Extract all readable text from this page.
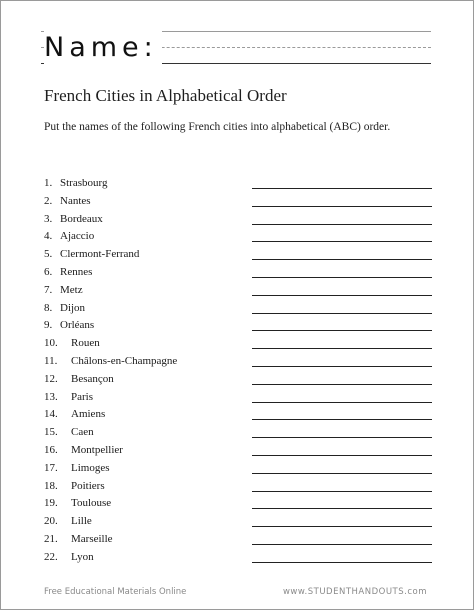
Name:
French Cities in Alphabetical Order
Put the names of the following French cities into alphabetical (ABC) order.
1. Strasbourg
2. Nantes
3. Bordeaux
4. Ajaccio
5. Clermont-Ferrand
6. Rennes
7. Metz
8. Dijon
9. Orléans
10. Rouen
11. Châlons-en-Champagne
12. Besançon
13. Paris
14. Amiens
15. Caen
16. Montpellier
17. Limoges
18. Poitiers
19. Toulouse
20. Lille
21. Marseille
22. Lyon
Free Educational Materials Online	www.STUDENTHANDOUTS.com
